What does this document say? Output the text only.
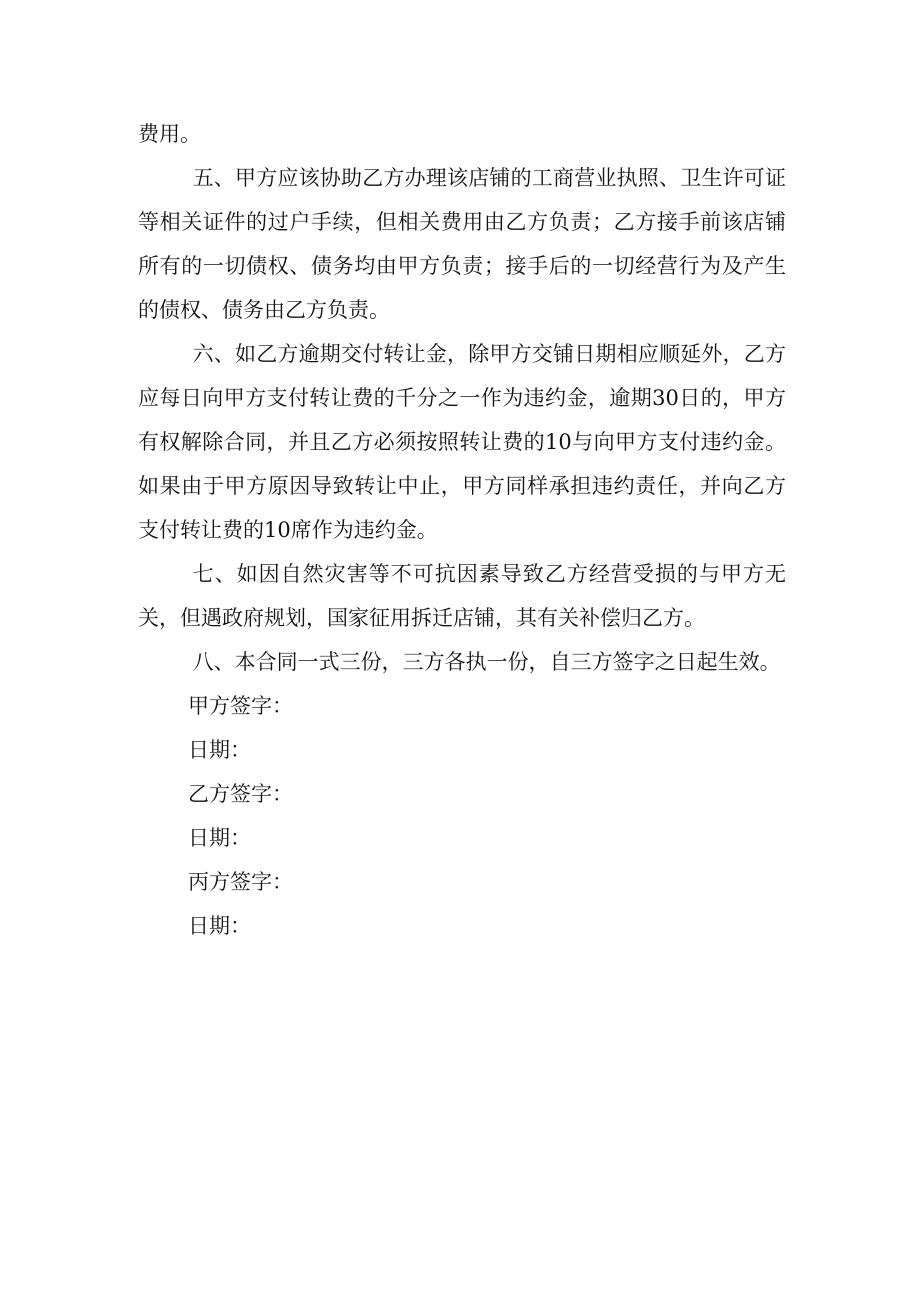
费用。

五、甲方应该协助乙方办理该店铺的工商营业执照、卫生许可证等相关证件的过户手续，但相关费用由乙方负责；乙方接手前该店铺所有的一切债权、债务均由甲方负责；接手后的一切经营行为及产生的债权、债务由乙方负责。

六、如乙方逾期交付转让金，除甲方交铺日期相应顺延外，乙方应每日向甲方支付转让费的千分之一作为违约金，逾期30日的，甲方有权解除合同，并且乙方必须按照转让费的10与向甲方支付违约金。如果由于甲方原因导致转让中止，甲方同样承担违约责任，并向乙方支付转让费的10席作为违约金。

七、如因自然灾害等不可抗因素导致乙方经营受损的与甲方无关，但遇政府规划，国家征用拆迁店铺，其有关补偿归乙方。

八、本合同一式三份，三方各执一份，自三方签字之日起生效。

甲方签字：

日期：

乙方签字：

日期：

丙方签字：

日期：
